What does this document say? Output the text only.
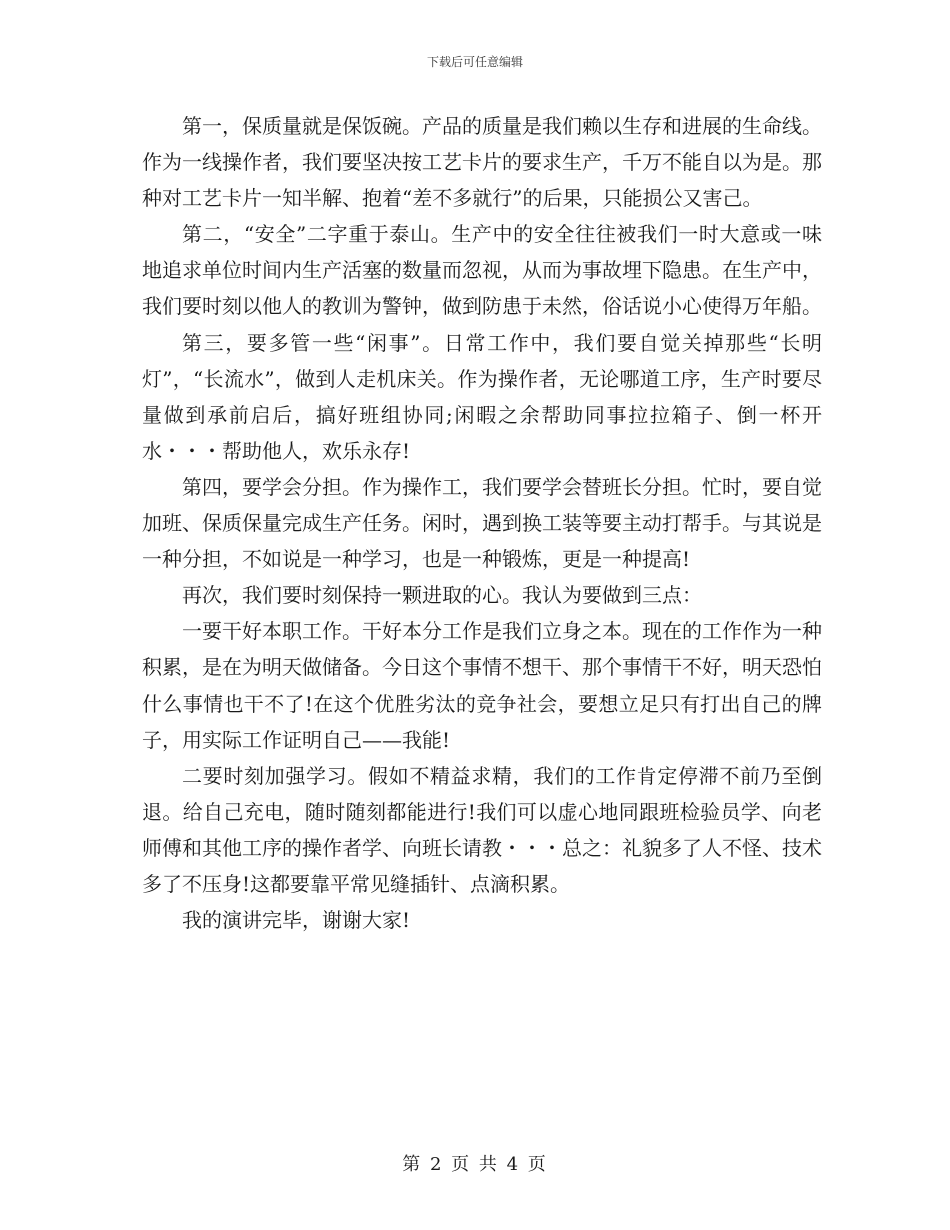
下载后可任意编辑

第一，保质量就是保饭碗。产品的质量是我们赖以生存和进展的生命线。作为一线操作者，我们要坚决按工艺卡片的要求生产，千万不能自以为是。那种对工艺卡片一知半解、抱着“差不多就行”的后果，只能损公又害己。

第二，“安全”二字重于泰山。生产中的安全往往被我们一时大意或一味地追求单位时间内生产活塞的数量而忽视，从而为事故埋下隐患。在生产中，我们要时刻以他人的教训为警钟，做到防患于未然，俗话说小心使得万年船。

第三，要多管一些“闲事”。日常工作中，我们要自觉关掉那些“长明灯”，“长流水”，做到人走机床关。作为操作者，无论哪道工序，生产时要尽量做到承前启后，搞好班组协同;闲暇之余帮助同事拉拉箱子、倒一杯开水・・・帮助他人，欢乐永存!

第四，要学会分担。作为操作工，我们要学会替班长分担。忙时，要自觉加班、保质保量完成生产任务。闲时，遇到换工装等要主动打帮手。与其说是一种分担，不如说是一种学习，也是一种锻炼，更是一种提高!

再次，我们要时刻保持一颗进取的心。我认为要做到三点：

一要干好本职工作。干好本分工作是我们立身之本。现在的工作作为一种积累，是在为明天做储备。今日这个事情不想干、那个事情干不好，明天恐怕什么事情也干不了!在这个优胜劣汰的竞争社会，要想立足只有打出自己的牌子，用实际工作证明自己——我能!

二要时刻加强学习。假如不精益求精，我们的工作肯定停滞不前乃至倒退。给自己充电，随时随刻都能进行!我们可以虚心地同跟班检验员学、向老师傅和其他工序的操作者学、向班长请教・・・总之：礼貌多了人不怪、技术多了不压身!这都要靠平常见缝插针、点滴积累。

我的演讲完毕，谢谢大家!

第 2 页 共 4 页
